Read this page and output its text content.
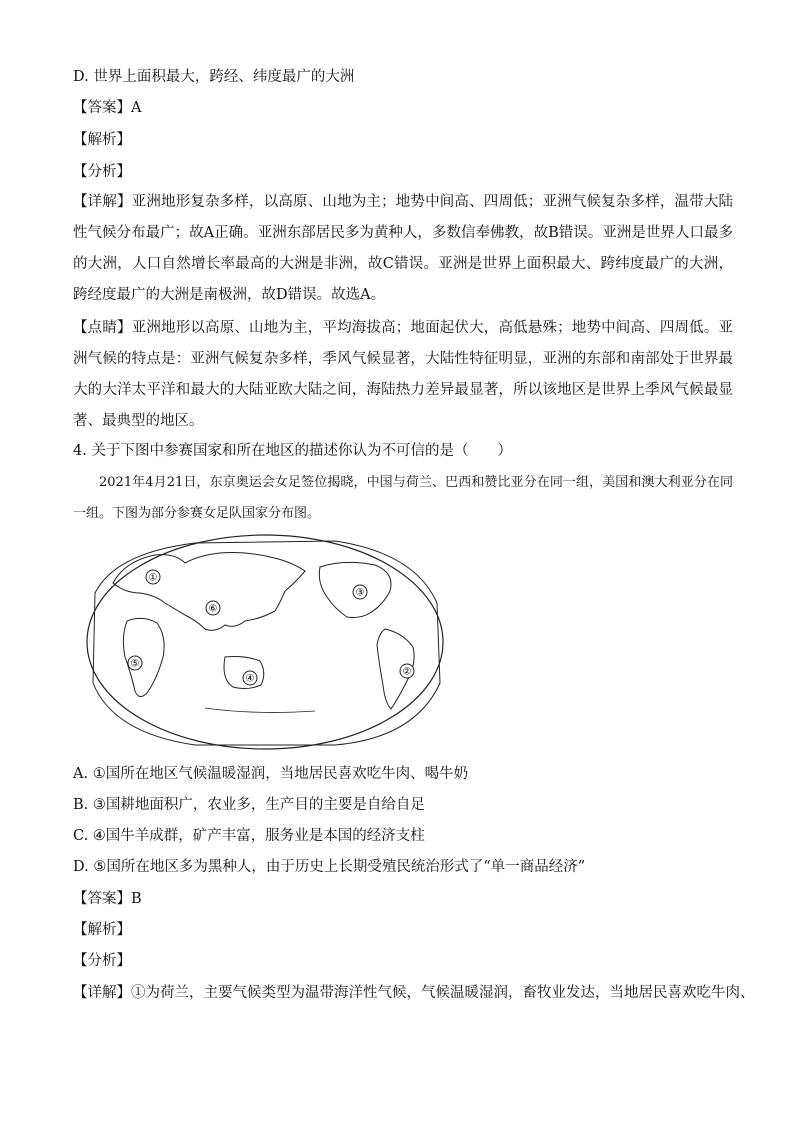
D. 世界上面积最大，跨经、纬度最广的大洲
【答案】A
【解析】
【分析】
【详解】亚洲地形复杂多样，以高原、山地为主；地势中间高、四周低；亚洲气候复杂多样，温带大陆性气候分布最广；故A正确。亚洲东部居民多为黄种人，多数信奉佛教，故B错误。亚洲是世界人口最多的大洲，人口自然增长率最高的大洲是非洲，故C错误。亚洲是世界上面积最大、跨纬度最广的大洲，跨经度最广的大洲是南极洲，故D错误。故选A。
【点睛】亚洲地形以高原、山地为主，平均海拔高；地面起伏大，高低悬殊；地势中间高、四周低。亚洲气候的特点是：亚洲气候复杂多样，季风气候显著，大陆性特征明显，亚洲的东部和南部处于世界最大的大洋太平洋和最大的大陆亚欧大陆之间，海陆热力差异最显著，所以该地区是世界上季风气候最显著、最典型的地区。
4. 关于下图中参赛国家和所在地区的描述你认为不可信的是（　　）
2021年4月21日，东京奥运会女足签位揭晓，中国与荷兰、巴西和赞比亚分在同一组，美国和澳大利亚分在同一组。下图为部分参赛女足队国家分布图。
①
②
③
④
⑤
⑥
A. ①国所在地区气候温暖湿润，当地居民喜欢吃牛肉、喝牛奶
B. ③国耕地面积广，农业多，生产目的主要是自给自足
C. ④国牛羊成群，矿产丰富，服务业是本国的经济支柱
D. ⑤国所在地区多为黑种人，由于历史上长期受殖民统治形式了“单一商品经济”
【答案】B
【解析】
【分析】
【详解】①为荷兰，主要气候类型为温带海洋性气候，气候温暖湿润，畜牧业发达，当地居民喜欢吃牛肉、
